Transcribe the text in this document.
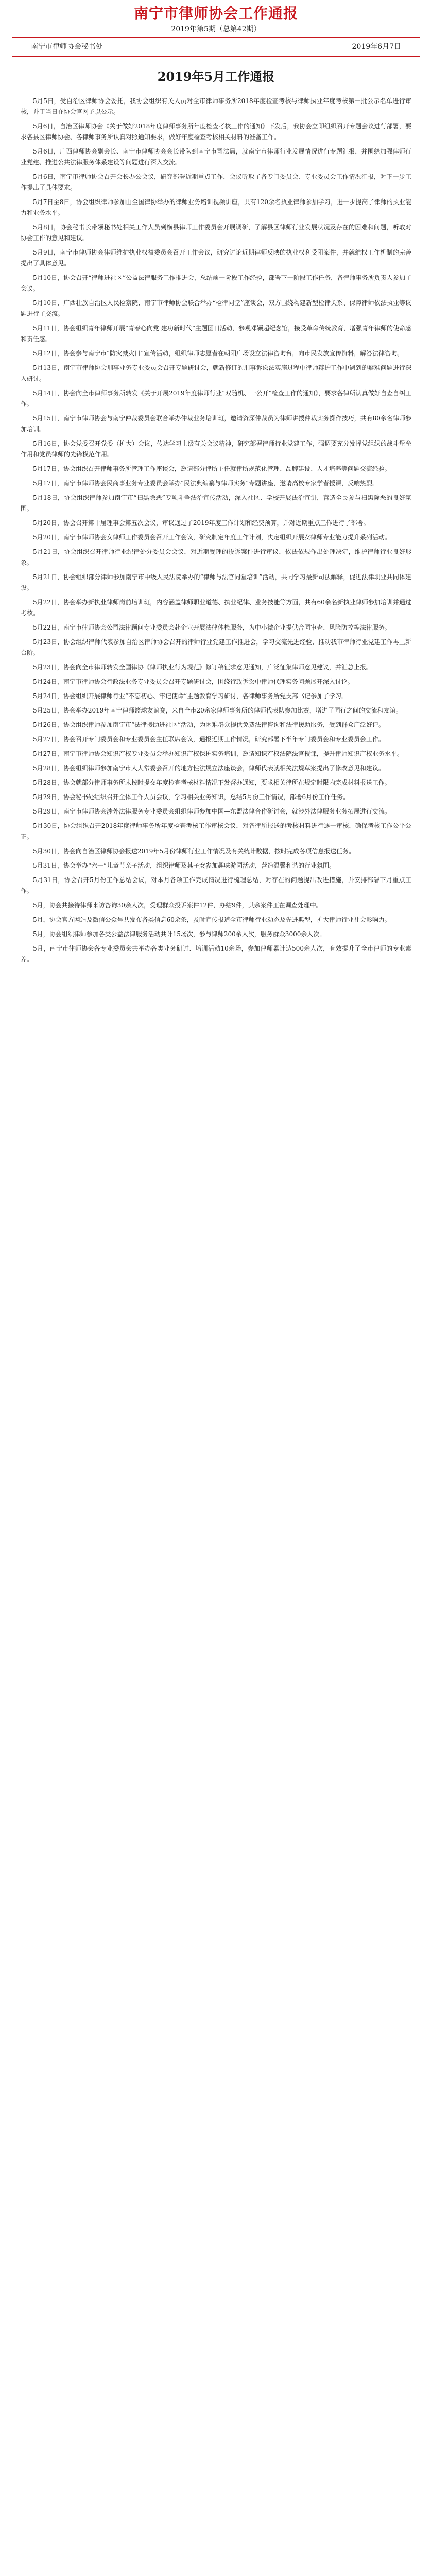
南宁市律师协会工作通报
2019年第5期（总第42期）
南宁市律师协会秘书处	2019年6月7日
2019年5月工作通报

5月5日，受自治区律师协会委托，我协会组织有关人员对全市律师事务所2018年度检查考核与律师执业年度考核第一批公示名单进行审核，并于当日在协会官网予以公示。

5月6日，自治区律师协会《关于做好2018年度律师事务所年度检查考核工作的通知》下发后，我协会立即组织召开专题会议进行部署，要求各县区律师协会、各律师事务所认真对照通知要求，做好年度检查考核相关材料的准备工作。

5月6日，广西律师协会副会长、南宁市律师协会会长带队到南宁市司法局，就南宁市律师行业发展情况进行专题汇报，并围绕加强律师行业党建、推进公共法律服务体系建设等问题进行深入交流。

5月6日，南宁市律师协会召开会长办公会议，研究部署近期重点工作，会议听取了各专门委员会、专业委员会工作情况汇报，对下一步工作提出了具体要求。

5月7日至8日，协会组织律师参加由全国律协举办的律师业务培训视频讲座，共有120余名执业律师参加学习，进一步提高了律师的执业能力和业务水平。

5月8日，协会秘书长带领秘书处相关工作人员到横县律师工作委员会开展调研，了解县区律师行业发展状况及存在的困难和问题，听取对协会工作的意见和建议。

5月9日，南宁市律师协会律师维护执业权益委员会召开工作会议，研究讨论近期律师反映的执业权利受阻案件，并就维权工作机制的完善提出了具体意见。

5月10日，协会召开“律师进社区”公益法律服务工作推进会，总结前一阶段工作经验，部署下一阶段工作任务，各律师事务所负责人参加了会议。

5月10日，广西壮族自治区人民检察院、南宁市律师协会联合举办“检律同堂”座谈会，双方围绕构建新型检律关系、保障律师依法执业等议题进行了交流。

5月11日，协会组织青年律师开展“青春心向党 建功新时代”主题团日活动，参观邓颖超纪念馆，接受革命传统教育，增强青年律师的使命感和责任感。

5月12日，协会参与南宁市“防灾减灾日”宣传活动，组织律师志愿者在朝阳广场设立法律咨询台，向市民发放宣传资料，解答法律咨询。

5月13日，南宁市律师协会刑事业务专业委员会召开专题研讨会，就新修订的刑事诉讼法实施过程中律师辩护工作中遇到的疑难问题进行深入研讨。

5月14日，协会向全市律师事务所转发《关于开展2019年度律师行业“双随机、一公开”检查工作的通知》，要求各律所认真做好自查自纠工作。

5月15日，南宁市律师协会与南宁仲裁委员会联合举办仲裁业务培训班，邀请资深仲裁员为律师讲授仲裁实务操作技巧，共有80余名律师参加培训。

5月16日，协会党委召开党委（扩大）会议，传达学习上级有关会议精神，研究部署律师行业党建工作，强调要充分发挥党组织的战斗堡垒作用和党员律师的先锋模范作用。

5月17日，协会组织召开律师事务所管理工作座谈会，邀请部分律所主任就律所规范化管理、品牌建设、人才培养等问题交流经验。

5月17日，南宁市律师协会民商事业务专业委员会举办“民法典编纂与律师实务”专题讲座，邀请高校专家学者授课，反响热烈。

5月18日，协会组织律师参加南宁市“扫黑除恶”专项斗争法治宣传活动，深入社区、学校开展法治宣讲，营造全民参与扫黑除恶的良好氛围。

5月20日，协会召开第十届理事会第五次会议，审议通过了2019年度工作计划和经费预算，并对近期重点工作进行了部署。

5月20日，南宁市律师协会女律师工作委员会召开工作会议，研究制定年度工作计划，决定组织开展女律师专业能力提升系列活动。

5月21日，协会组织召开律师行业纪律处分委员会会议，对近期受理的投诉案件进行审议，依法依规作出处理决定，维护律师行业良好形象。

5月21日，协会组织部分律师参加南宁市中级人民法院举办的“律师与法官同堂培训”活动，共同学习最新司法解释，促进法律职业共同体建设。

5月22日，协会举办新执业律师岗前培训班，内容涵盖律师职业道德、执业纪律、业务技能等方面，共有60余名新执业律师参加培训并通过考核。

5月22日，南宁市律师协会公司法律顾问专业委员会赴企业开展法律体检服务，为中小微企业提供合同审查、风险防控等法律服务。

5月23日，协会组织律师代表参加自治区律师协会召开的律师行业党建工作推进会，学习交流先进经验，推动我市律师行业党建工作再上新台阶。

5月23日，协会向全市律师转发全国律协《律师执业行为规范》修订稿征求意见通知，广泛征集律师意见建议，并汇总上报。

5月24日，南宁市律师协会行政法业务专业委员会召开专题研讨会，围绕行政诉讼中律师代理实务问题展开深入讨论。

5月24日，协会组织开展律师行业“不忘初心、牢记使命”主题教育学习研讨，各律师事务所党支部书记参加了学习。

5月25日，协会举办2019年南宁律师篮球友谊赛，来自全市20余家律师事务所的律师代表队参加比赛，增进了同行之间的交流和友谊。

5月26日，协会组织律师参加南宁市“法律援助进社区”活动，为困难群众提供免费法律咨询和法律援助服务，受到群众广泛好评。

5月27日，协会召开专门委员会和专业委员会主任联席会议，通报近期工作情况，研究部署下半年专门委员会和专业委员会工作。

5月27日，南宁市律师协会知识产权专业委员会举办知识产权保护实务培训，邀请知识产权法院法官授课，提升律师知识产权业务水平。

5月28日，协会组织律师参加南宁市人大常委会召开的地方性法规立法座谈会，律师代表就相关法规草案提出了修改意见和建议。

5月28日，协会就部分律师事务所未按时提交年度检查考核材料情况下发督办通知，要求相关律所在规定时限内完成材料报送工作。

5月29日，协会秘书处组织召开全体工作人员会议，学习相关业务知识，总结5月份工作情况，部署6月份工作任务。

5月29日，南宁市律师协会涉外法律服务专业委员会组织律师参加中国—东盟法律合作研讨会，就涉外法律服务业务拓展进行交流。

5月30日，协会组织召开2018年度律师事务所年度检查考核工作审核会议，对各律所报送的考核材料进行逐一审核，确保考核工作公平公正。

5月30日，协会向自治区律师协会报送2019年5月份律师行业工作情况及有关统计数据，按时完成各项信息报送任务。

5月31日，协会举办“六一”儿童节亲子活动，组织律师及其子女参加趣味游园活动，营造温馨和谐的行业氛围。

5月31日，协会召开5月份工作总结会议，对本月各项工作完成情况进行梳理总结，对存在的问题提出改进措施，并安排部署下月重点工作。

5月，协会共接待律师来访咨询30余人次，受理群众投诉案件12件，办结9件，其余案件正在调查处理中。

5月，协会官方网站及微信公众号共发布各类信息60余条，及时宣传报道全市律师行业动态及先进典型，扩大律师行业社会影响力。

5月，协会组织律师参加各类公益法律服务活动共计15场次，参与律师200余人次，服务群众3000余人次。

5月，南宁市律师协会各专业委员会共举办各类业务研讨、培训活动10余场，参加律师累计达500余人次，有效提升了全市律师的专业素养。
